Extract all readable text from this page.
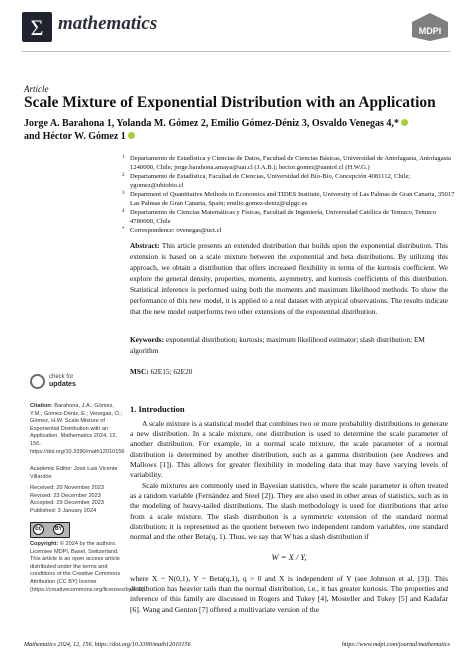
Σ mathematics	MDPI
Article
Scale Mixture of Exponential Distribution with an Application
Jorge A. Barahona 1, Yolanda M. Gómez 2, Emilio Gómez-Déniz 3, Osvaldo Venegas 4,*
and Héctor W. Gómez 1
1 Departamento de Estadística y Ciencias de Datos, Facultad de Ciencias Básicas, Universidad de Antofagasta, Antofagasta 1240000, Chile; jorge.barahona.amaya@uai.cl (J.A.B.); hector.gomez@uantof.cl (H.W.G.)
2 Departamento de Estadística, Facultad de Ciencias, Universidad del Bío-Bío, Concepción 4081112, Chile; ygomez@ubiobio.cl
3 Department of Quantitative Methods in Economics and TIDES Institute, University of Las Palmas de Gran Canaria, 35017 Las Palmas de Gran Canaria, Spain; emilio.gomez-deniz@ulpgc.es
4 Departamento de Ciencias Matemáticas y Físicas, Facultad de Ingeniería, Universidad Católica de Temuco, Temuco 4780000, Chile
* Correspondence: ovenegas@uct.cl
Abstract: This article presents an extended distribution that builds upon the exponential distribution. This extension is based on a scale mixture between the exponential and beta distributions. By utilizing this approach, we obtain a distribution that offers increased flexibility in terms of the kurtosis coefficient. We explore the general density, properties, moments, asymmetry, and kurtosis coefficients of this distribution. Statistical inference is performed using both the moments and maximum likelihood methods. To show the performance of this new model, it is applied to a real dataset with atypical observations. The results indicate that the new model outperforms two other extensions of the exponential distribution.
Keywords: exponential distribution; kurtosis; maximum likelihood estimator; slash distribution; EM algorithm
MSC: 62E15; 62E20
check for
updates
Citation: Barahona, J.A.; Gómez, Y.M.; Gómez-Déniz, E.; Venegas, O.; Gómez, H.W. Scale Mixture of Exponential Distribution with an Application. Mathematics 2024, 12, 156. https://doi.org/10.3390/math12010156
Academic Editor: José Luis Vicente Villardón
Received: 20 November 2023
Revised: 23 December 2023
Accepted: 29 December 2023
Published: 3 January 2024
cc	BY
Copyright: © 2024 by the authors. Licensee MDPI, Basel, Switzerland. This article is an open access article distributed under the terms and conditions of the Creative Commons Attribution (CC BY) license (https://creativecommons.org/licenses/by/4.0/).
1. Introduction
A scale mixture is a statistical model that combines two or more probability distributions to generate a new distribution. In a scale mixture, one distribution is used to determine the scale parameter of another distribution. For example, in a normal scale mixture, the scale parameter of a normal distribution is determined by another distribution, such as a gamma distribution (see Andrews and Mallows [1]). This allows for greater flexibility in modeling data that may have varying levels of variability.
Scale mixtures are commonly used in Bayesian statistics, where the scale parameter is often treated as a random variable (Fernández and Steel [2]). They are also used in other areas of statistics, such as in the modeling of heavy-tailed distributions. The slash methodology is used for distributions that arise from a scale mixture. The slash distribution is a symmetric extension of the standard normal distribution; it is represented as the quotient between two independent random variables, one standard normal and the other Beta(q, 1). Thus, we say that W has a slash distribution if
W = X / Y,
where X ~ N(0,1), Y ~ Beta(q,1), q > 0 and X is independent of Y (see Johnson et al. [3]). This distribution has heavier tails than the normal distribution, i.e., it has greater kurtosis. The properties and inference of this family are discussed in Rogers and Tukey [4], Mosteller and Tukey [5] and Kadafar [6]. Wang and Genton [7] offered a multivariate version of the
Mathematics 2024, 12, 156. https://doi.org/10.3390/math12010156	https://www.mdpi.com/journal/mathematics
